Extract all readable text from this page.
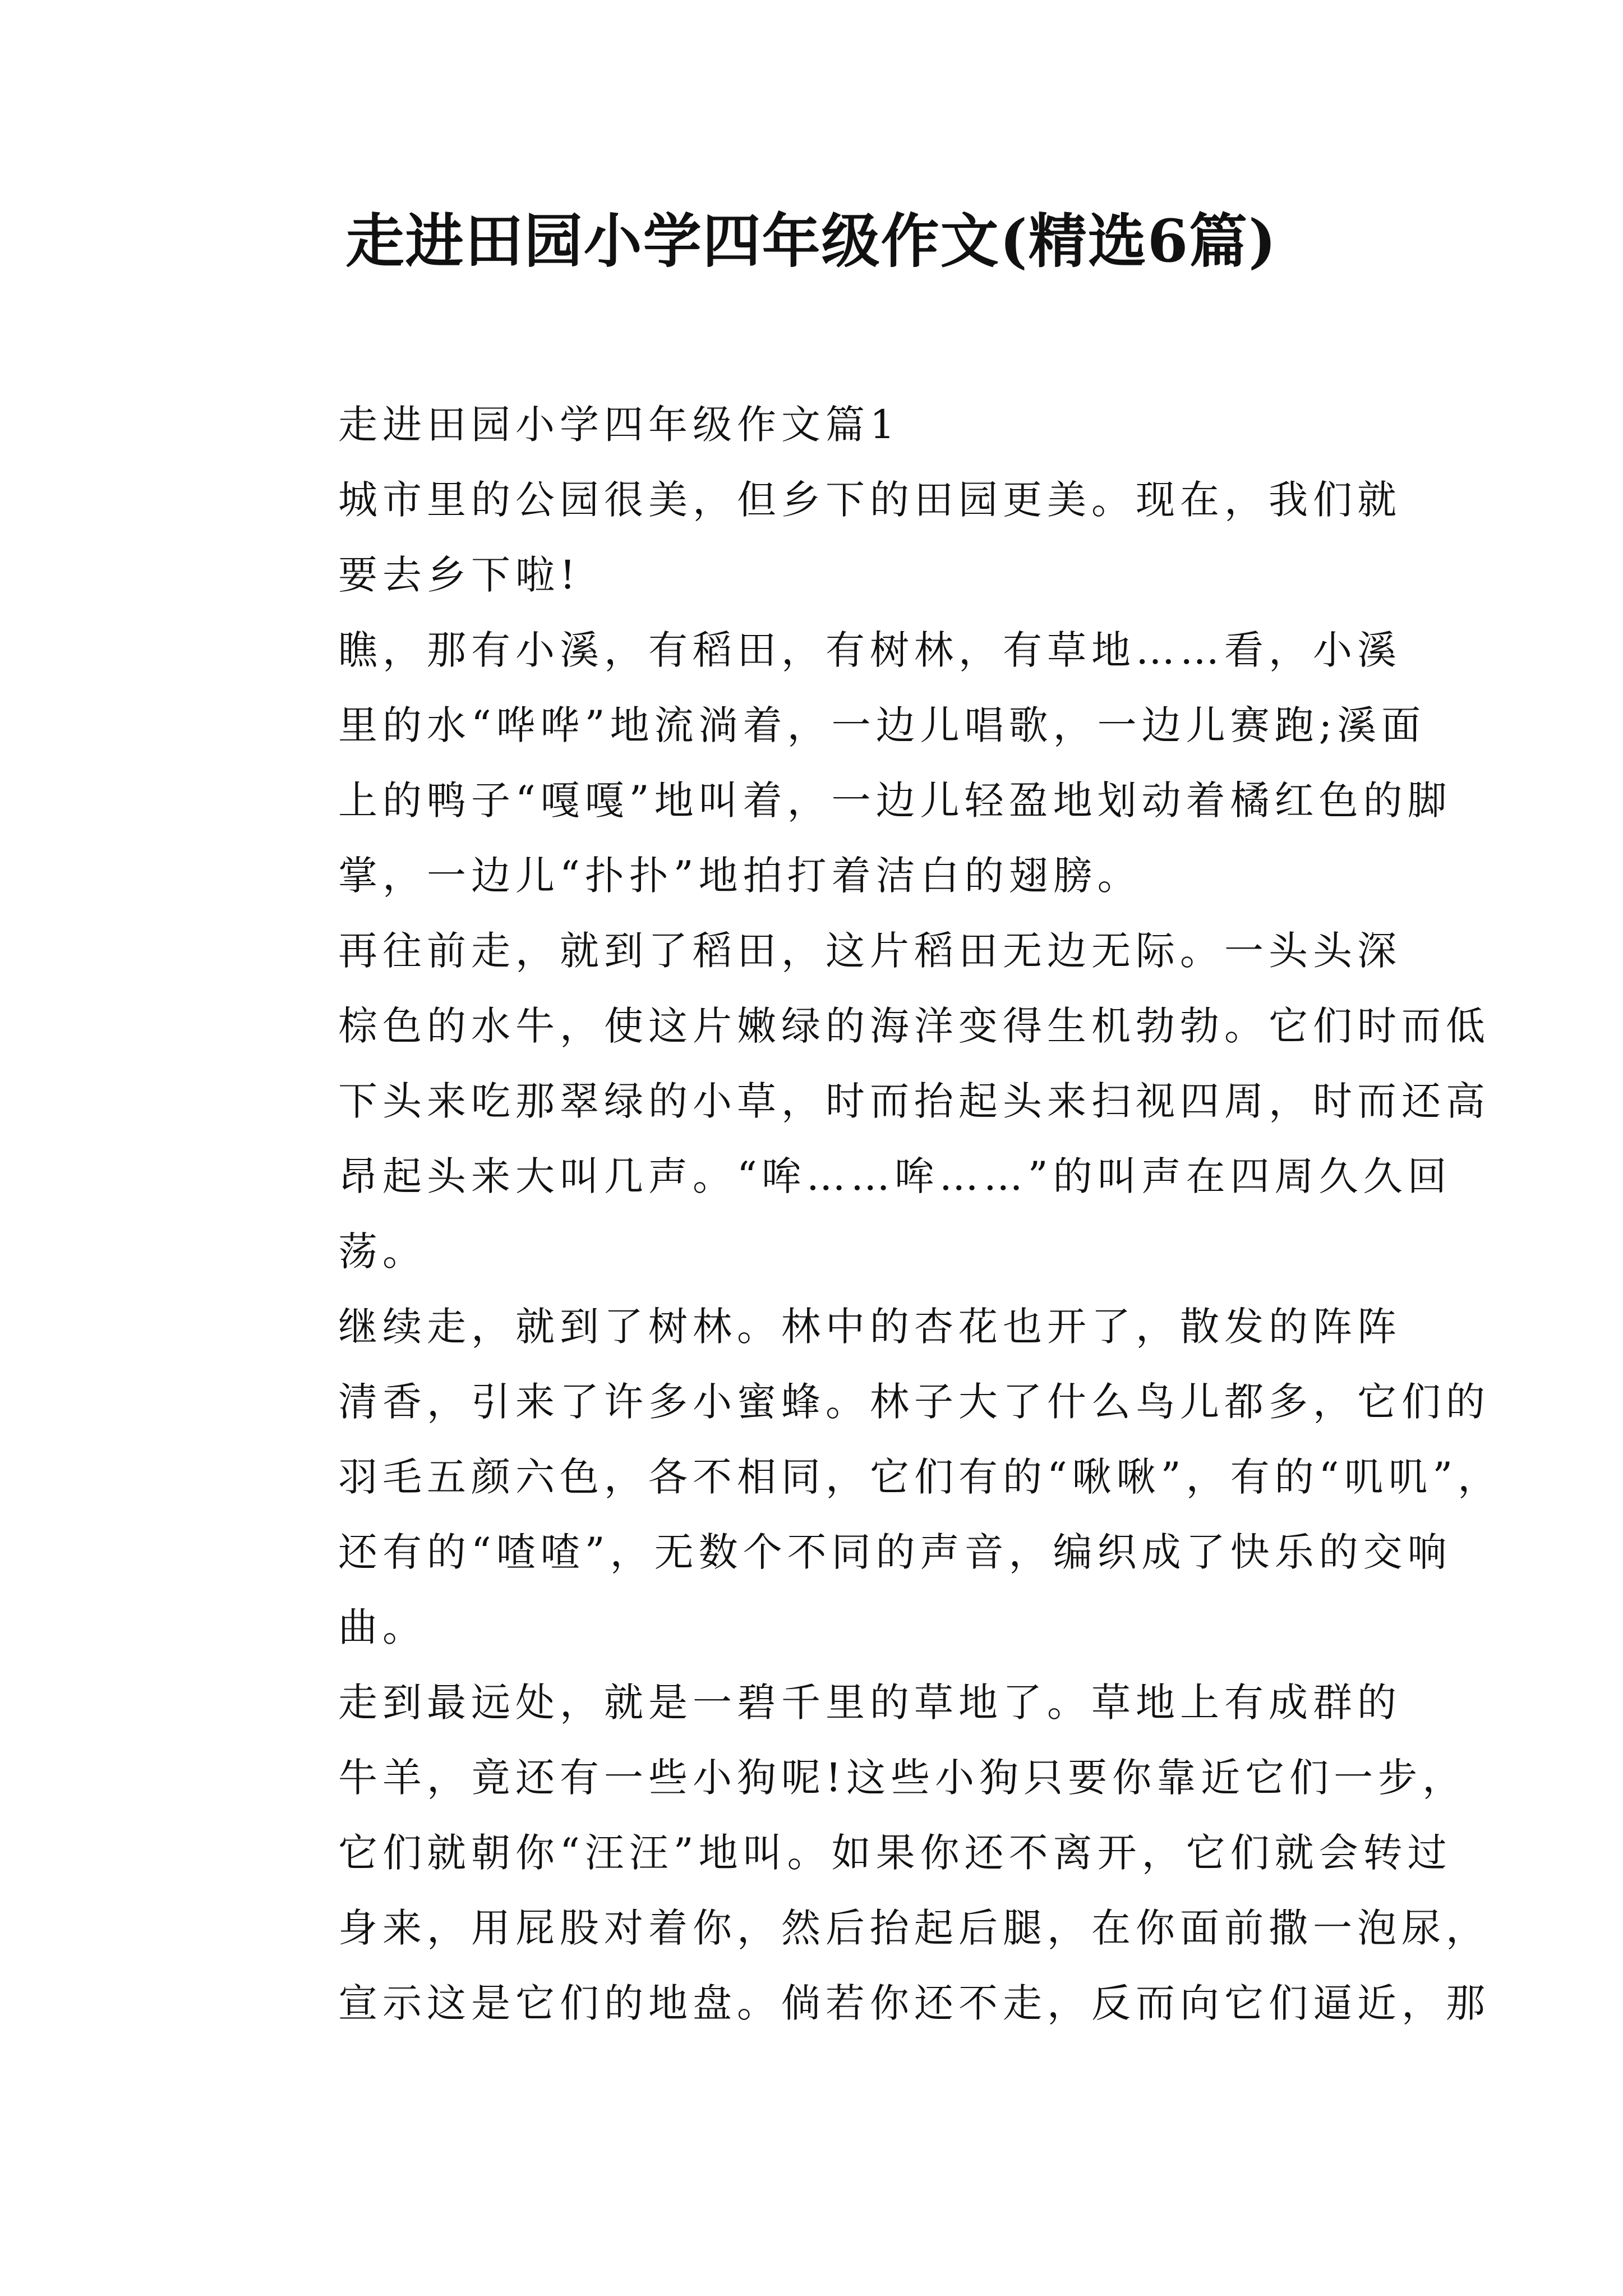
走进田园小学四年级作文(精选6篇)

走进田园小学四年级作文篇1

城市里的公园很美，但乡下的田园更美。现在，我们就
要去乡下啦!

瞧，那有小溪，有稻田，有树林，有草地……看，小溪
里的水“哗哗”地流淌着，一边儿唱歌，一边儿赛跑;溪面
上的鸭子“嘎嘎”地叫着，一边儿轻盈地划动着橘红色的脚
掌，一边儿“扑扑”地拍打着洁白的翅膀。

再往前走，就到了稻田，这片稻田无边无际。一头头深
棕色的水牛，使这片嫩绿的海洋变得生机勃勃。它们时而低
下头来吃那翠绿的小草，时而抬起头来扫视四周，时而还高
昂起头来大叫几声。“哞……哞……”的叫声在四周久久回
荡。

继续走，就到了树林。林中的杏花也开了，散发的阵阵
清香，引来了许多小蜜蜂。林子大了什么鸟儿都多，它们的
羽毛五颜六色，各不相同，它们有的“啾啾”，有的“叽叽”，
还有的“喳喳”，无数个不同的声音，编织成了快乐的交响
曲。

走到最远处，就是一碧千里的草地了。草地上有成群的
牛羊，竟还有一些小狗呢!这些小狗只要你靠近它们一步，
它们就朝你“汪汪”地叫。如果你还不离开，它们就会转过
身来，用屁股对着你，然后抬起后腿，在你面前撒一泡尿，
宣示这是它们的地盘。倘若你还不走，反而向它们逼近，那
